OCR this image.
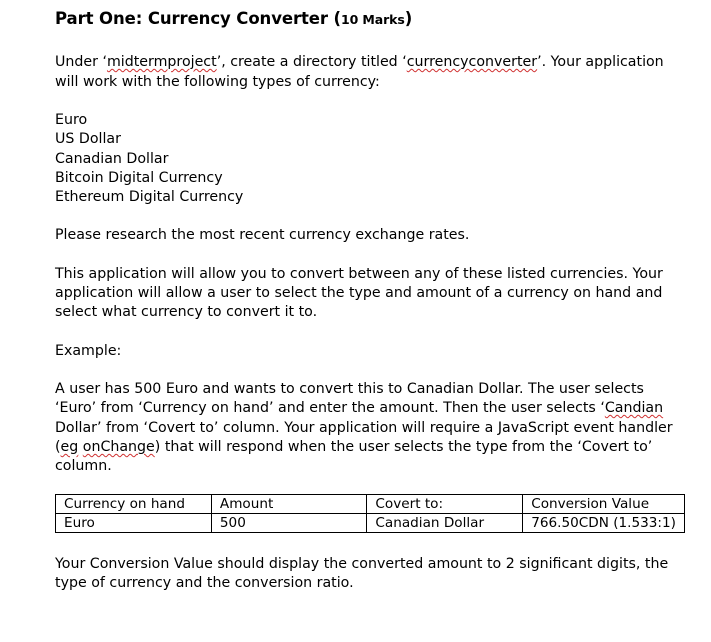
Part One: Currency Converter (10 Marks)
Under ‘midtermproject’, create a directory titled ‘currencyconverter’. Your application
will work with the following types of currency:
Euro
US Dollar
Canadian Dollar
Bitcoin Digital Currency
Ethereum Digital Currency
Please research the most recent currency exchange rates.
This application will allow you to convert between any of these listed currencies. Your
application will allow a user to select the type and amount of a currency on hand and
select what currency to convert it to.
Example:
A user has 500 Euro and wants to convert this to Canadian Dollar. The user selects
‘Euro’ from ‘Currency on hand’ and enter the amount. Then the user selects ‘Candian
Dollar’ from ‘Covert to’ column. Your application will require a JavaScript event handler
(eg onChange) that will respond when the user selects the type from the ‘Covert to’
column.
Currency on hand	Amount	Covert to:	Conversion Value
Euro	500	Canadian Dollar	766.50CDN (1.533:1)
Your Conversion Value should display the converted amount to 2 significant digits, the
type of currency and the conversion ratio.
